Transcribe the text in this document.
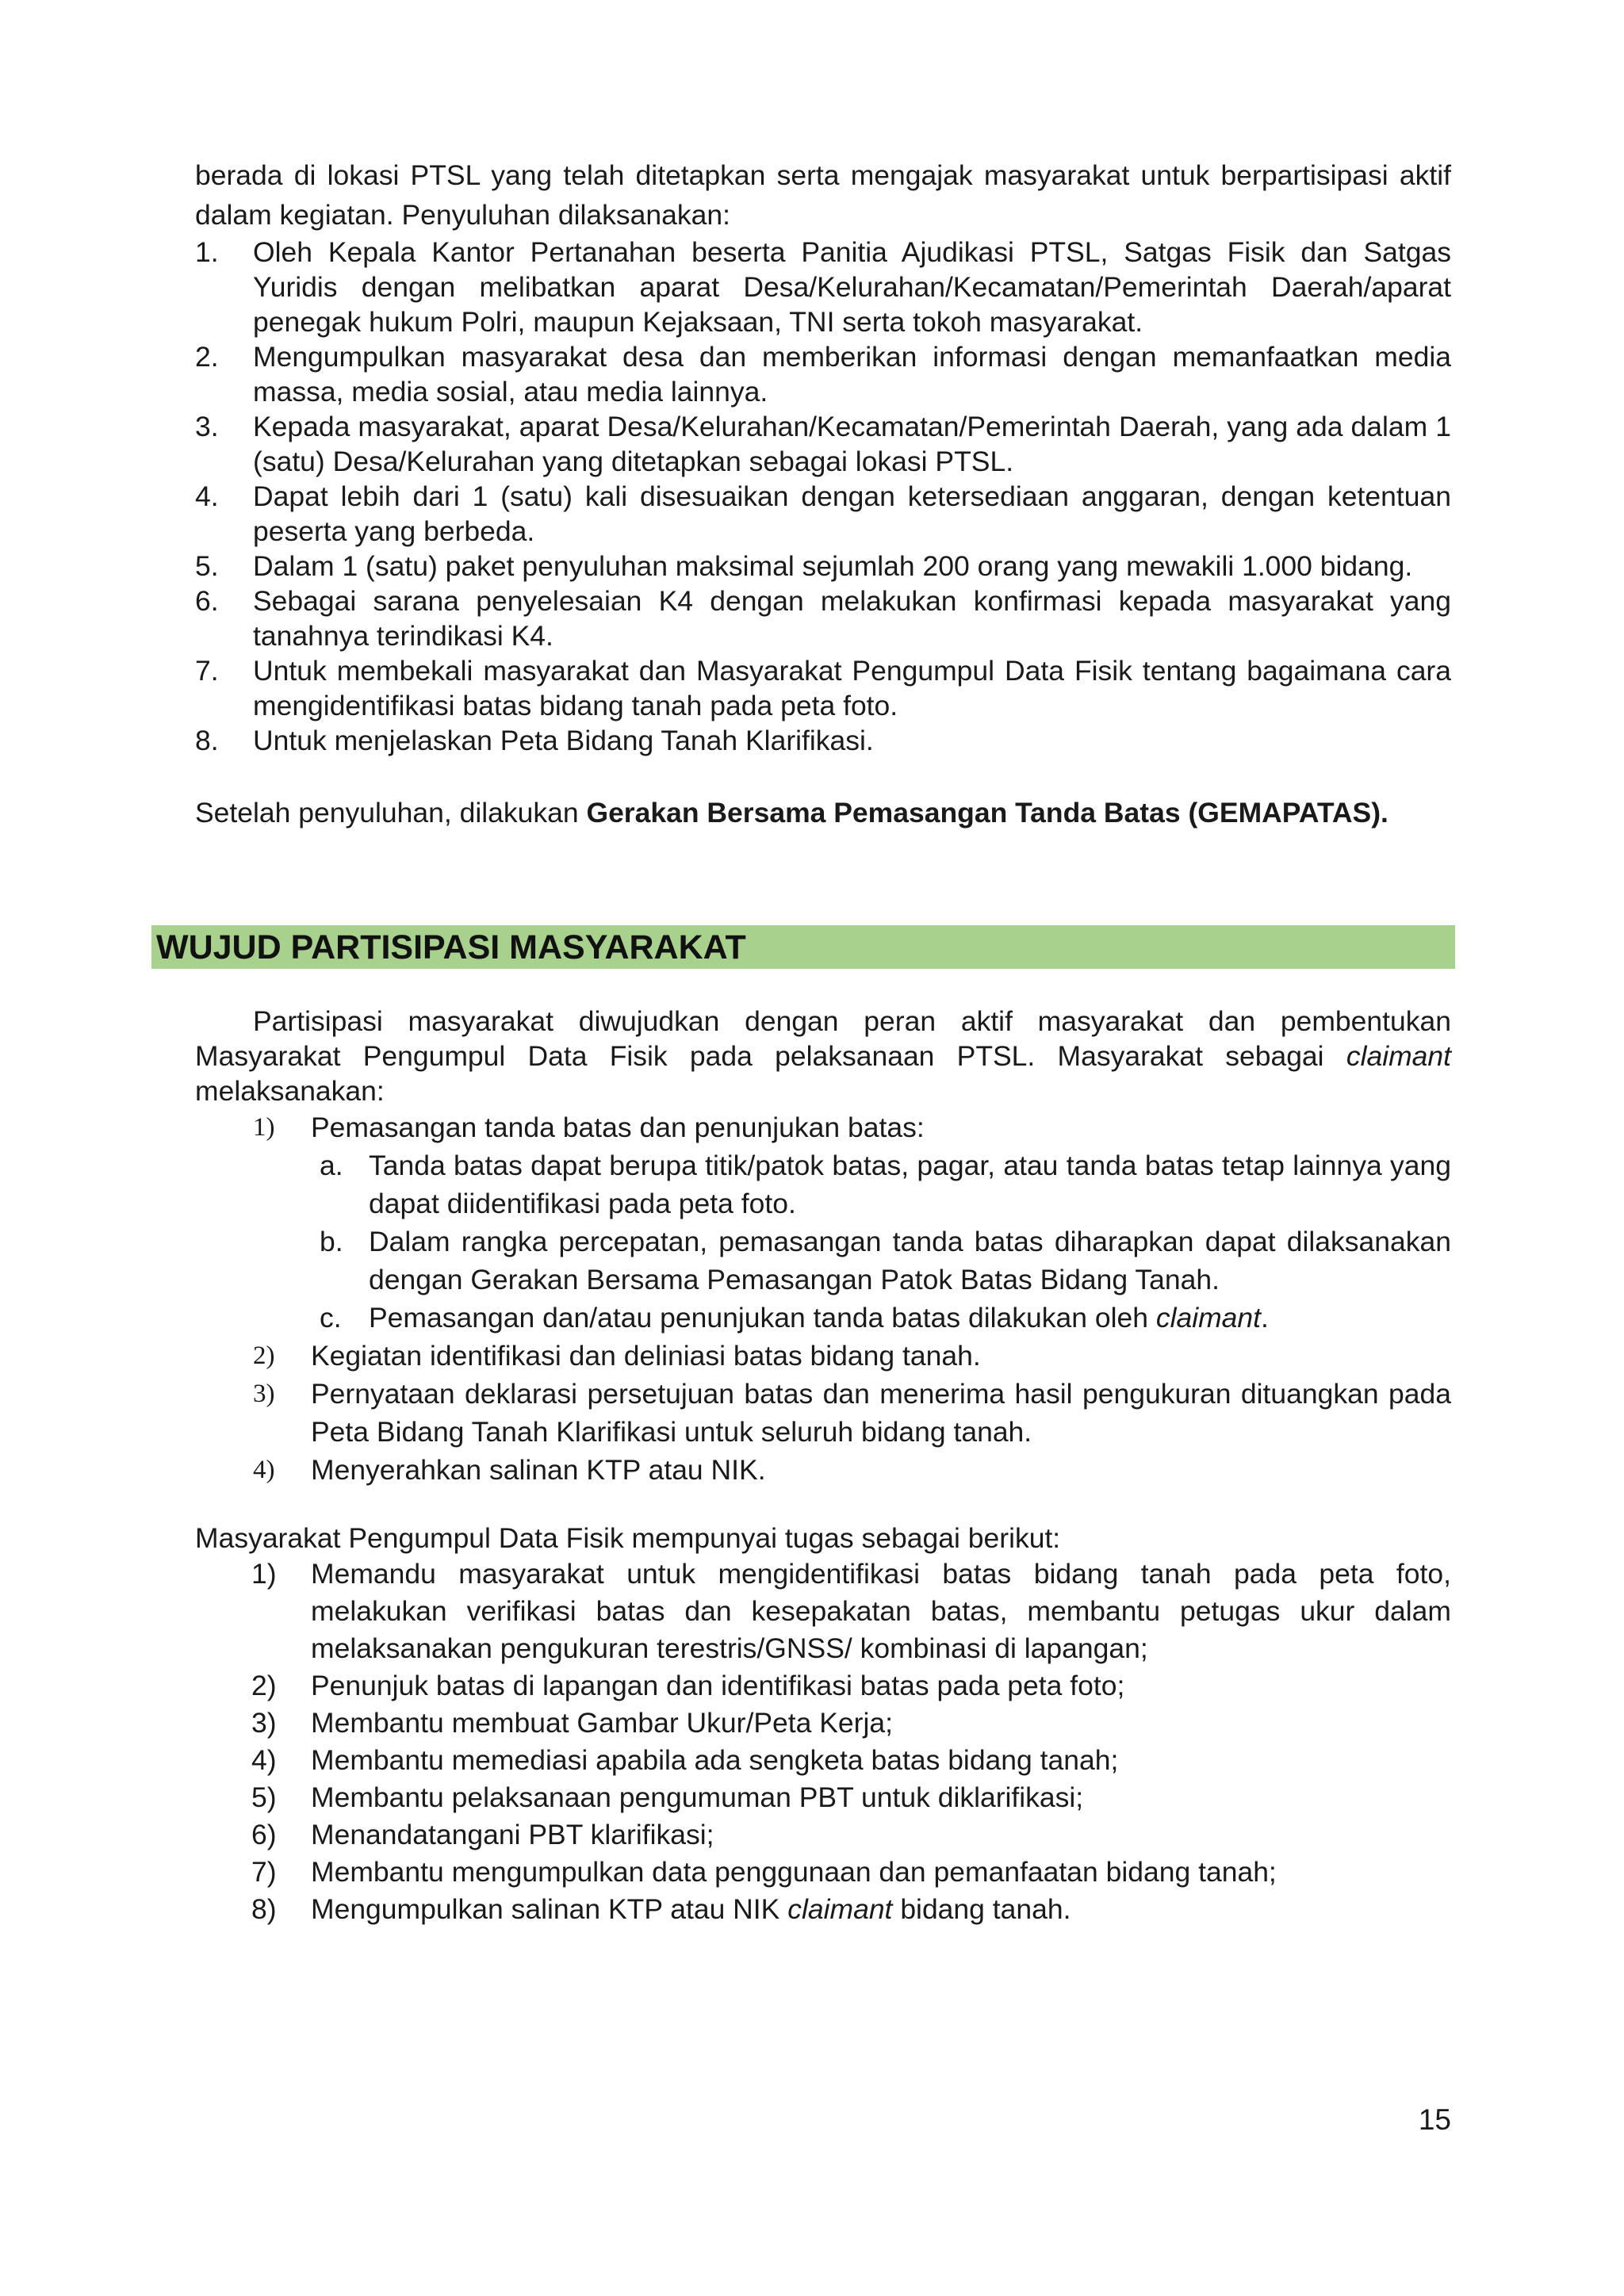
berada di lokasi PTSL yang telah ditetapkan serta mengajak masyarakat untuk berpartisipasi aktif dalam kegiatan. Penyuluhan dilaksanakan:

1. Oleh Kepala Kantor Pertanahan beserta Panitia Ajudikasi PTSL, Satgas Fisik dan Satgas Yuridis dengan melibatkan aparat Desa/Kelurahan/Kecamatan/Pemerintah Daerah/aparat penegak hukum Polri, maupun Kejaksaan, TNI serta tokoh masyarakat.
2. Mengumpulkan masyarakat desa dan memberikan informasi dengan memanfaatkan media massa, media sosial, atau media lainnya.
3. Kepada masyarakat, aparat Desa/Kelurahan/Kecamatan/Pemerintah Daerah, yang ada dalam 1 (satu) Desa/Kelurahan yang ditetapkan sebagai lokasi PTSL.
4. Dapat lebih dari 1 (satu) kali disesuaikan dengan ketersediaan anggaran, dengan ketentuan peserta yang berbeda.
5. Dalam 1 (satu) paket penyuluhan maksimal sejumlah 200 orang yang mewakili 1.000 bidang.
6. Sebagai sarana penyelesaian K4 dengan melakukan konfirmasi kepada masyarakat yang tanahnya terindikasi K4.
7. Untuk membekali masyarakat dan Masyarakat Pengumpul Data Fisik tentang bagaimana cara mengidentifikasi batas bidang tanah pada peta foto.
8. Untuk menjelaskan Peta Bidang Tanah Klarifikasi.

Setelah penyuluhan, dilakukan Gerakan Bersama Pemasangan Tanda Batas (GEMAPATAS).

WUJUD PARTISIPASI MASYARAKAT

Partisipasi masyarakat diwujudkan dengan peran aktif masyarakat dan pembentukan Masyarakat Pengumpul Data Fisik pada pelaksanaan PTSL. Masyarakat sebagai claimant melaksanakan:

1) Pemasangan tanda batas dan penunjukan batas:
a. Tanda batas dapat berupa titik/patok batas, pagar, atau tanda batas tetap lainnya yang dapat diidentifikasi pada peta foto.
b. Dalam rangka percepatan, pemasangan tanda batas diharapkan dapat dilaksanakan dengan Gerakan Bersama Pemasangan Patok Batas Bidang Tanah.
c. Pemasangan dan/atau penunjukan tanda batas dilakukan oleh claimant.
2) Kegiatan identifikasi dan deliniasi batas bidang tanah.
3) Pernyataan deklarasi persetujuan batas dan menerima hasil pengukuran dituangkan pada Peta Bidang Tanah Klarifikasi untuk seluruh bidang tanah.
4) Menyerahkan salinan KTP atau NIK.

Masyarakat Pengumpul Data Fisik mempunyai tugas sebagai berikut:

1) Memandu masyarakat untuk mengidentifikasi batas bidang tanah pada peta foto, melakukan verifikasi batas dan kesepakatan batas, membantu petugas ukur dalam melaksanakan pengukuran terestris/GNSS/ kombinasi di lapangan;
2) Penunjuk batas di lapangan dan identifikasi batas pada peta foto;
3) Membantu membuat Gambar Ukur/Peta Kerja;
4) Membantu memediasi apabila ada sengketa batas bidang tanah;
5) Membantu pelaksanaan pengumuman PBT untuk diklarifikasi;
6) Menandatangani PBT klarifikasi;
7) Membantu mengumpulkan data penggunaan dan pemanfaatan bidang tanah;
8) Mengumpulkan salinan KTP atau NIK claimant bidang tanah.
15
